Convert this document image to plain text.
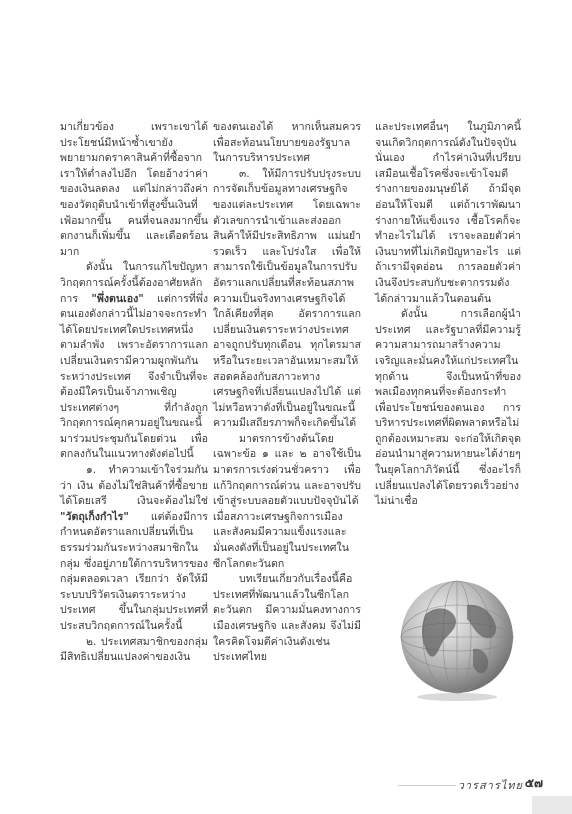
มาเกี่ยวข้อง เพราะเขาได้ประโยชน์มีหน้าซ้ำเขายังพยายามกดราคาสินค้าที่ซื้อจากเราให้ต่ำลงไปอีก โดยอ้างว่าค่าของเงินลดลง แต่ไม่กล่าวถึงค่าของวัตถุดิบนำเข้าที่สูงขึ้นเงินที่เฟ้อมากขึ้น คนที่จนลงมากขึ้นตกงานก็เพิ่มขึ้น และเดือดร้อนมาก

ดังนั้น ในการแก้ไขปัญหาวิกฤตการณ์ครั้งนี้ต้องอาศัยหลักการ "พึ่งตนเอง" แต่การที่พึ่งตนเองดังกล่าวนี้ไม่อาจจะกระทำได้โดยประเทศใดประเทศหนึ่งตามลำพัง เพราะอัตราการแลกเปลี่ยนเงินตรามีความผูกพันกันระหว่างประเทศ จึงจำเป็นที่จะต้องมีใครเป็นเจ้าภาพเชิญประเทศต่างๆ ที่กำลังถูกวิกฤตการณ์คุกคามอยู่ในขณะนี้มาร่วมประชุมกันโดยด่วน เพื่อตกลงกันในแนวทางดังต่อไปนี้

๑. ทำความเข้าใจร่วมกันว่า เงิน ต้องไม่ใช่สินค้าที่ซื้อขายได้โดยเสรี เงินจะต้องไม่ใช่ "วัตถุเก็งกำไร" แต่ต้องมีการกำหนดอัตราแลกเปลี่ยนที่เป็นธรรมร่วมกันระหว่างสมาชิกในกลุ่ม ซึ่งอยู่ภายใต้การบริหารของกลุ่มตลอดเวลา เรียกว่า จัดให้มีระบบปริวัตรเงินตราระหว่างประเทศ ขึ้นในกลุ่มประเทศที่ประสบวิกฤตการณ์ในครั้งนี้

๒. ประเทศสมาชิกของกลุ่มมีสิทธิเปลี่ยนแปลงค่าของเงิน

ของตนเองได้ หากเห็นสมควรเพื่อสะท้อนนโยบายของรัฐบาลในการบริหารประเทศ

๓. ให้มีการปรับปรุงระบบการจัดเก็บข้อมูลทางเศรษฐกิจของแต่ละประเทศ โดยเฉพาะตัวเลขการนำเข้าและส่งออกสินค้าให้มีประสิทธิภาพ แม่นยำ รวดเร็ว และโปร่งใส เพื่อให้สามารถใช้เป็นข้อมูลในการปรับอัตราแลกเปลี่ยนที่สะท้อนสภาพความเป็นจริงทางเศรษฐกิจได้ใกล้เคียงที่สุด อัตราการแลกเปลี่ยนเงินตราระหว่างประเทศอาจถูกปรับทุกเดือน ทุกไตรมาส หรือในระยะเวลาอันเหมาะสมให้สอดคล้องกับสภาวะทางเศรษฐกิจที่เปลี่ยนแปลงไปได้ แต่ไม่หวือหวาดังที่เป็นอยู่ในขณะนี้ ความมีเสถียรภาพก็จะเกิดขึ้นได้

มาตรการข้างต้นโดยเฉพาะข้อ ๑ และ ๒ อาจใช้เป็นมาตรการเร่งด่วนชั่วคราว เพื่อแก้วิกฤตการณ์ด่วน และอาจปรับเข้าสู่ระบบลอยตัวแบบปัจจุบันได้เมื่อสภาวะเศรษฐกิจการเมือง และสังคมมีความแข็งแรงและมั่นคงดังที่เป็นอยู่ในประเทศในซีกโลกตะวันตก

บทเรียนเกี่ยวกับเรื่องนี้คือประเทศที่พัฒนาแล้วในซีกโลกตะวันตก มีความมั่นคงทางการเมืองเศรษฐกิจ และสังคม จึงไม่มีใครคิดโจมตีค่าเงินดังเช่นประเทศไทย

และประเทศอื่นๆ ในภูมิภาคนี้ จนเกิดวิกฤตการณ์ดังในปัจจุบันนั่นเอง กำไรค่าเงินที่เปรียบเสมือนเชื้อโรคซึ่งจะเข้าโจมตีร่างกายของมนุษย์ได้ ถ้ามีจุดอ่อนให้โจมตี แต่ถ้าเราพัฒนาร่างกายให้แข็งแรง เชื้อโรคก็จะทำอะไรไม่ได้ เราจะลอยตัวค่าเงินบาทที่ไม่เกิดปัญหาอะไร แต่ถ้าเรามีจุดอ่อน การลอยตัวค่าเงินจึงประสบกับชะตากรรมดังได้กล่าวมาแล้วในตอนต้น

ดังนั้น การเลือกผู้นำประเทศ และรัฐบาลที่มีความรู้ความสามารถมาสร้างความเจริญและมั่นคงให้แก่ประเทศในทุกด้าน จึงเป็นหน้าที่ของพลเมืองทุกคนที่จะต้องกระทำเพื่อประโยชน์ของตนเอง การบริหารประเทศที่ผิดพลาดหรือไม่ถูกต้องเหมาะสม จะก่อให้เกิดจุดอ่อนนำมาสู่ความหายนะได้ง่ายๆ ในยุคโลกาภิวัตน์นี้ ซึ่งอะไรก็เปลี่ยนแปลงได้โดยรวดเร็วอย่างไม่น่าเชื่อ

วารสารไทย ๕๗
